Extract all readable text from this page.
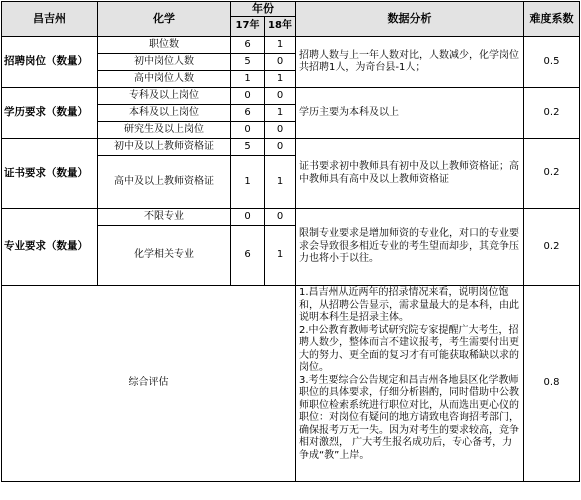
昌吉州	化学	年份		数据分析	难度系数
		17年	18年		
招聘岗位（数量）	职位数	6	1	招聘人数与上一年人数对比，人数减少，化学岗位共招聘1人，为奇台县-1人；	0.5
	初中岗位人数	5	0		
	高中岗位人数	1	1		
学历要求（数量）	专科及以上岗位	0	0	学历主要为本科及以上	0.2
	本科及以上岗位	6	1		
	研究生及以上岗位	0	0		
证书要求（数量）	初中及以上教师资格证	5	0	证书要求初中教师具有初中及以上教师资格证；高中教师具有高中及以上教师资格证	0.2
	高中及以上教师资格证	1	1		
专业要求（数量）	不限专业	0	0	限制专业要求是增加师资的专业化，对口的专业要求会导致很多相近专业的考生望而却步，其竞争压力也将小于以往。	0.2
	化学相关专业	6	1		
综合评估				1.昌吉州从近两年的招录情况来看，说明岗位饱和，从招聘公告显示，需求量最大的是本科，由此说明本科生是招录主体。

2.中公教育教师考试研究院专家提醒广大考生，招聘人数少，整体而言不建议报考，考生需要付出更大的努力、更全面的复习才有可能获取稀缺以求的岗位。

3.考生要综合公告规定和昌吉州各地县区化学教师职位的具体要求，仔细分析斟酌，同时借助中公教师职位检索系统进行职位对比，从而选出更心仪的职位：对岗位有疑问的地方请致电咨询招考部门，确保报考万无一失。因为对考生的要求较高，竞争相对激烈， 广大考生报名成功后，专心备考，力争成“教”上岸。	0.8
